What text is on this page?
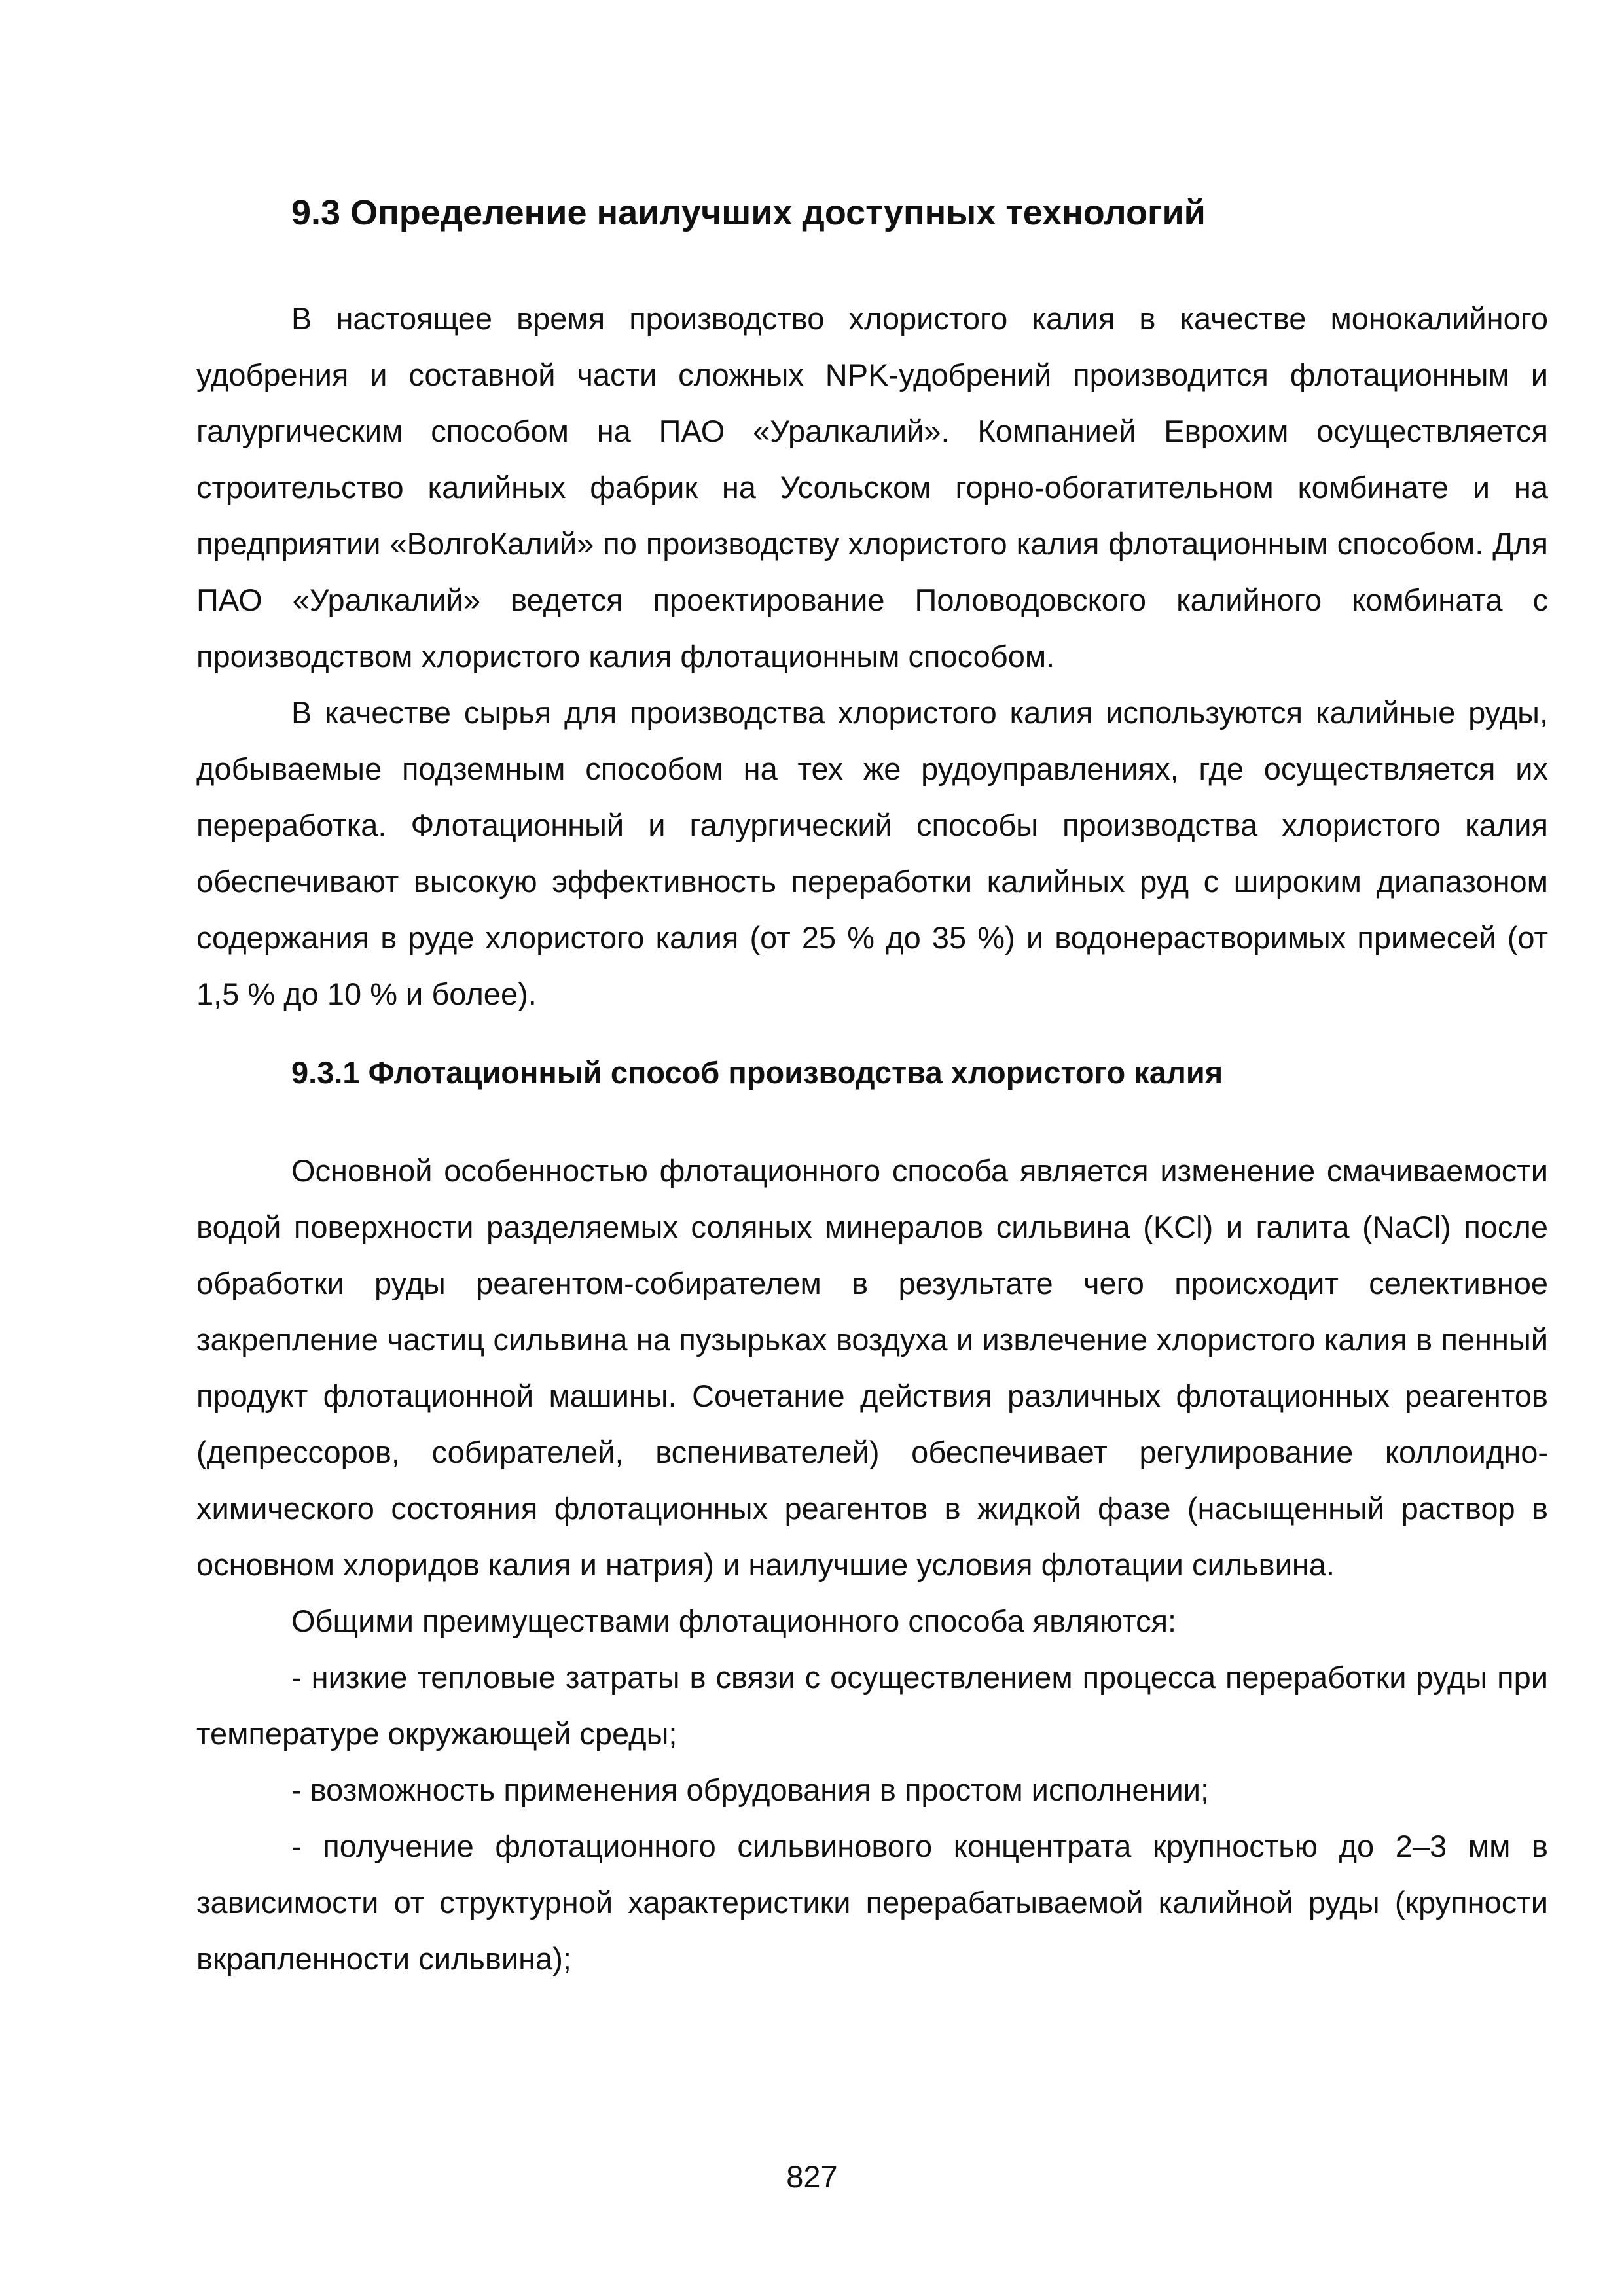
9.3 Определение наилучших доступных технологий

В настоящее время производство хлористого калия в качестве монокалийного удобрения и составной части сложных NPK-удобрений производится флотационным и галургическим способом на ПАО «Уралкалий». Компанией Еврохим осуществляется строительство калийных фабрик на Усольском горно-обогатительном комбинате и на предприятии «ВолгоКалий» по производству хлористого калия флотационным способом. Для ПАО «Уралкалий» ведется проектирование Половодовского калийного комбината с производством хлористого калия флотационным способом.

В качестве сырья для производства хлористого калия используются калийные руды, добываемые подземным способом на тех же рудоуправлениях, где осуществляется их переработка. Флотационный и галургический способы производства хлористого калия обеспечивают высокую эффективность переработки калийных руд с широким диапазоном содержания в руде хлористого калия (от 25 % до 35 %) и водонерастворимых примесей (от 1,5 % до 10 % и более).

9.3.1 Флотационный способ производства хлористого калия

Основной особенностью флотационного способа является изменение смачиваемости водой поверхности разделяемых соляных минералов сильвина (KCl) и галита (NaCl) после обработки руды реагентом-собирателем в результате чего происходит селективное закрепление частиц сильвина на пузырьках воздуха и извлечение хлористого калия в пенный продукт флотационной машины. Сочетание действия различных флотационных реагентов (депрессоров, собирателей, вспенивателей) обеспечивает регулирование коллоидно-химического состояния флотационных реагентов в жидкой фазе (насыщенный раствор в основном хлоридов калия и натрия) и наилучшие условия флотации сильвина.

Общими преимуществами флотационного способа являются:

- низкие тепловые затраты в связи с осуществлением процесса переработки руды при температуре окружающей среды;

- возможность применения обрудования в простом исполнении;

- получение флотационного сильвинового концентрата крупностью до 2–3 мм в зависимости от структурной характеристики перерабатываемой калийной руды (крупности вкрапленности сильвина);

827
